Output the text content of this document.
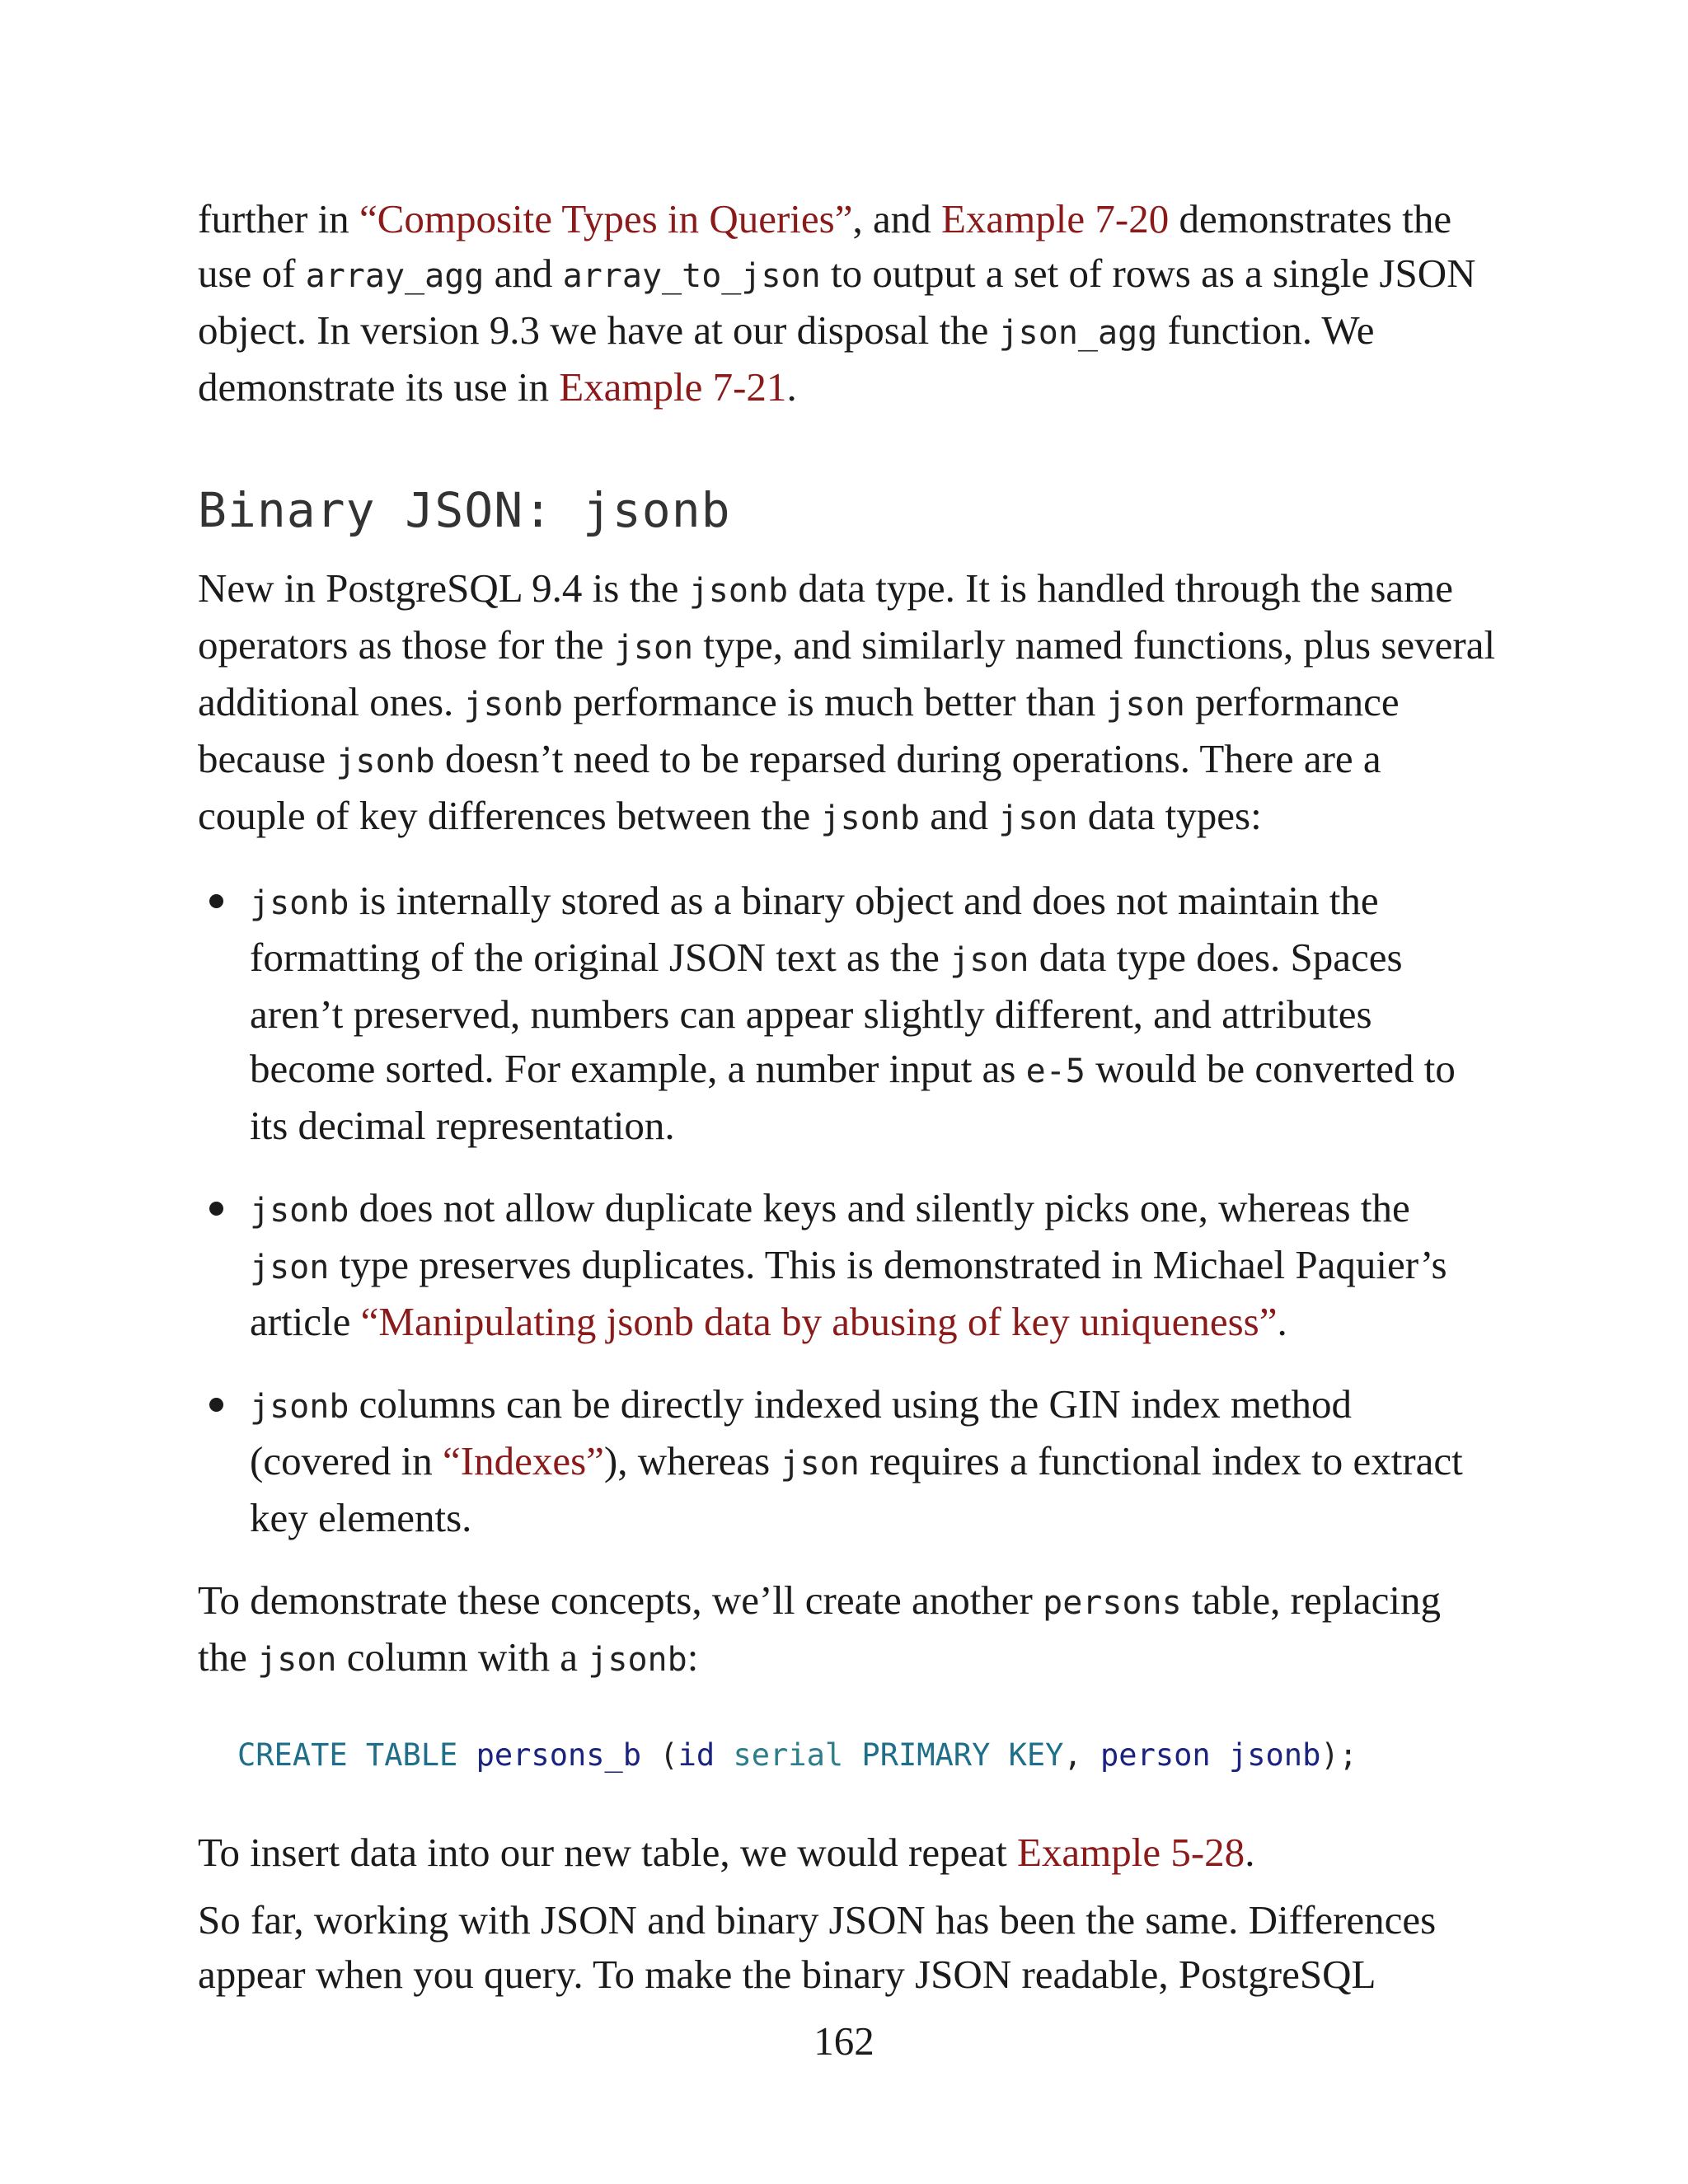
further in “Composite Types in Queries”, and Example 7-20 demonstrates the use of array_agg and array_to_json to output a set of rows as a single JSON object. In version 9.3 we have at our disposal the json_agg function. We demonstrate its use in Example 7-21.

Binary JSON: jsonb

New in PostgreSQL 9.4 is the jsonb data type. It is handled through the same operators as those for the json type, and similarly named functions, plus several additional ones. jsonb performance is much better than json performance because jsonb doesn’t need to be reparsed during operations. There are a couple of key differences between the jsonb and json data types:

jsonb is internally stored as a binary object and does not maintain the formatting of the original JSON text as the json data type does. Spaces aren’t preserved, numbers can appear slightly different, and attributes become sorted. For example, a number input as e-5 would be converted to its decimal representation.
jsonb does not allow duplicate keys and silently picks one, whereas the json type preserves duplicates. This is demonstrated in Michael Paquier’s article “Manipulating jsonb data by abusing of key uniqueness”.
jsonb columns can be directly indexed using the GIN index method (covered in “Indexes”), whereas json requires a functional index to extract key elements.

To demonstrate these concepts, we’ll create another persons table, replacing the json column with a jsonb:

CREATE TABLE persons_b (id serial PRIMARY KEY, person jsonb);

To insert data into our new table, we would repeat Example 5-28.

So far, working with JSON and binary JSON has been the same. Differences appear when you query. To make the binary JSON readable, PostgreSQL

162
